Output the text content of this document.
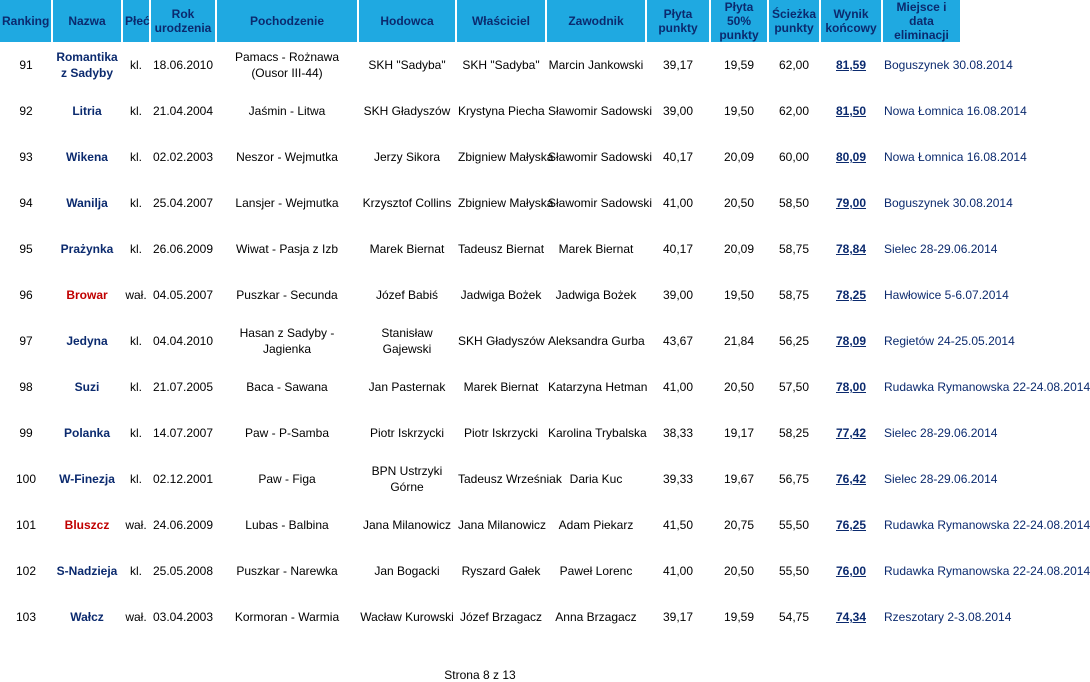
Ranking	Nazwa	Płeć	Rok urodzenia	Pochodzenie	Hodowca	Właściciel	Zawodnik	Płyta punkty	Płyta 50% punkty	Ścieżka punkty	Wynik końcowy	Miejsce i data eliminacji
91	Romantika z Sadyby	kl.	18.06.2010	Pamacs - Rożnawa (Ousor III-44)	SKH "Sadyba"	SKH "Sadyba"	Marcin Jankowski	39,17	19,59	62,00	81,59	Boguszynek 30.08.2014
92	Litria	kl.	21.04.2004	Jaśmin - Litwa	SKH Gładyszów	Krystyna Piecha	Sławomir Sadowski	39,00	19,50	62,00	81,50	Nowa Łomnica 16.08.2014
93	Wikena	kl.	02.02.2003	Neszor - Wejmutka	Jerzy Sikora	Zbigniew Małyska	Sławomir Sadowski	40,17	20,09	60,00	80,09	Nowa Łomnica 16.08.2014
94	Wanilja	kl.	25.04.2007	Lansjer - Wejmutka	Krzysztof Collins	Zbigniew Małyska	Sławomir Sadowski	41,00	20,50	58,50	79,00	Boguszynek 30.08.2014
95	Prażynka	kl.	26.06.2009	Wiwat - Pasja z Izb	Marek Biernat	Tadeusz Biernat	Marek Biernat	40,17	20,09	58,75	78,84	Sielec 28-29.06.2014
96	Browar	wał.	04.05.2007	Puszkar - Secunda	Józef Babiś	Jadwiga Bożek	Jadwiga Bożek	39,00	19,50	58,75	78,25	Hawłowice 5-6.07.2014
97	Jedyna	kl.	04.04.2010	Hasan z Sadyby - Jagienka	Stanisław Gajewski	SKH Gładyszów	Aleksandra Gurba	43,67	21,84	56,25	78,09	Regietów 24-25.05.2014
98	Suzi	kl.	21.07.2005	Baca - Sawana	Jan Pasternak	Marek Biernat	Katarzyna Hetman	41,00	20,50	57,50	78,00	Rudawka Rymanowska 22-24.08.2014
99	Polanka	kl.	14.07.2007	Paw - P-Samba	Piotr Iskrzycki	Piotr Iskrzycki	Karolina Trybalska	38,33	19,17	58,25	77,42	Sielec 28-29.06.2014
100	W-Finezja	kl.	02.12.2001	Paw - Figa	BPN Ustrzyki Górne	Tadeusz Wrześniak	Daria Kuc	39,33	19,67	56,75	76,42	Sielec 28-29.06.2014
101	Bluszcz	wał.	24.06.2009	Lubas - Balbina	Jana Milanowicz	Jana Milanowicz	Adam Piekarz	41,50	20,75	55,50	76,25	Rudawka Rymanowska 22-24.08.2014
102	S-Nadzieja	kl.	25.05.2008	Puszkar - Narewka	Jan Bogacki	Ryszard Gałek	Paweł Lorenc	41,00	20,50	55,50	76,00	Rudawka Rymanowska 22-24.08.2014
103	Wałcz	wał.	03.04.2003	Kormoran - Warmia	Wacław Kurowski	Józef Brzagacz	Anna Brzagacz	39,17	19,59	54,75	74,34	Rzeszotary 2-3.08.2014
Strona 8 z 13
